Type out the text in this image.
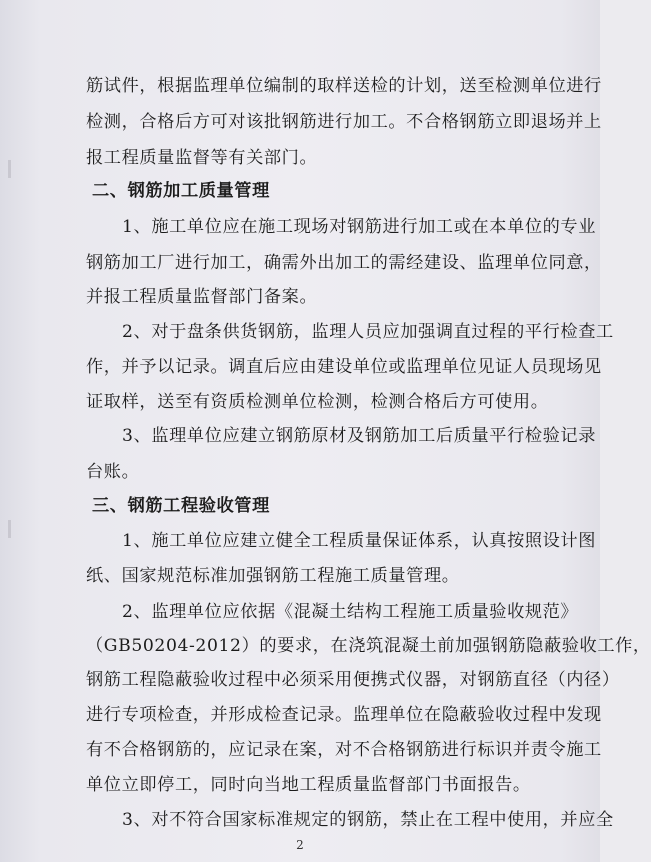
筋试件，根据监理单位编制的取样送检的计划，送至检测单位进行
检测，合格后方可对该批钢筋进行加工。不合格钢筋立即退场并上
报工程质量监督等有关部门。
二、钢筋加工质量管理
1、施工单位应在施工现场对钢筋进行加工或在本单位的专业
钢筋加工厂进行加工，确需外出加工的需经建设、监理单位同意，
并报工程质量监督部门备案。
2、对于盘条供货钢筋，监理人员应加强调直过程的平行检查工
作，并予以记录。调直后应由建设单位或监理单位见证人员现场见
证取样，送至有资质检测单位检测，检测合格后方可使用。
3、监理单位应建立钢筋原材及钢筋加工后质量平行检验记录
台账。
三、钢筋工程验收管理
1、施工单位应建立健全工程质量保证体系，认真按照设计图
纸、国家规范标准加强钢筋工程施工质量管理。
2、监理单位应依据《混凝土结构工程施工质量验收规范》
（GB50204-2012）的要求，在浇筑混凝土前加强钢筋隐蔽验收工作，
钢筋工程隐蔽验收过程中必须采用便携式仪器，对钢筋直径（内径）
进行专项检查，并形成检查记录。监理单位在隐蔽验收过程中发现
有不合格钢筋的，应记录在案，对不合格钢筋进行标识并责令施工
单位立即停工，同时向当地工程质量监督部门书面报告。
3、对不符合国家标准规定的钢筋，禁止在工程中使用，并应全
2
